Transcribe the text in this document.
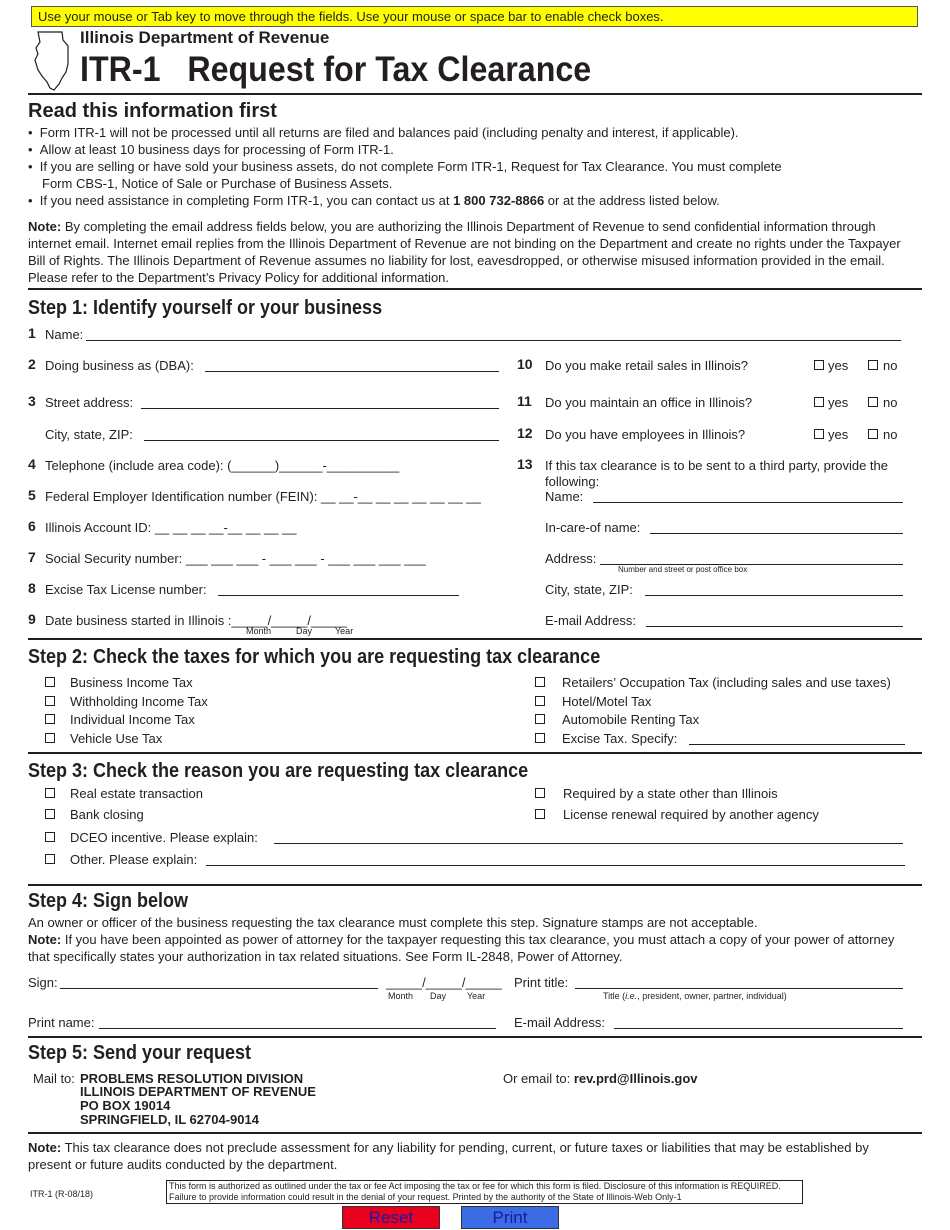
Use your mouse or Tab key to move through the fields. Use your mouse or space bar to enable check boxes.
Illinois Department of Revenue
ITR-1 Request for Tax Clearance
Read this information first
•  Form ITR-1 will not be processed until all returns are filed and balances paid (including penalty and interest, if applicable).
•  Allow at least 10 business days for processing of Form ITR-1.
•  If you are selling or have sold your business assets, do not complete Form ITR-1, Request for Tax Clearance. You must complete
Form CBS-1, Notice of Sale or Purchase of Business Assets.
•  If you need assistance in completing Form ITR-1, you can contact us at 1 800 732-8866 or at the address listed below.
Note: By completing the email address fields below, you are authorizing the Illinois Department of Revenue to send confidential information through internet email. Internet email replies from the Illinois Department of Revenue are not binding on the Department and create no rights under the Taxpayer Bill of Rights. The Illinois Department of Revenue assumes no liability for lost, eavesdropped, or otherwise misused information provided in the email. Please refer to the Department’s Privacy Policy for additional information.
Step 1: Identify yourself or your business
1 Name:
2 Doing business as (DBA):
3 Street address:
City, state, ZIP:
4 Telephone (include area code): (______)______-__________
5 Federal Employer Identification number (FEIN): __ __-__ __ __ __ __ __ __
6 Illinois Account ID: __ __ __ __-__ __ __ __
7 Social Security number: ___ ___ ___ - ___ ___ - ___ ___ ___ ___
8 Excise Tax License number:
9 Date business started in Illinois :_____/_____/_____
Month	Day	Year
10 Do you make retail sales in Illinois?	yes	no
11 Do you maintain an office in Illinois?	yes	no
12 Do you have employees in Illinois?	yes	no
13 If this tax clearance is to be sent to a third party, provide the
following:
Name:
In-care-of name:
Address:
Number and street or post office box
City, state, ZIP:
E-mail Address:
Step 2: Check the taxes for which you are requesting tax clearance
Business Income Tax
Withholding Income Tax
Individual Income Tax
Vehicle Use Tax
Retailers’ Occupation Tax (including sales and use taxes)
Hotel/Motel Tax
Automobile Renting Tax
Excise Tax. Specify:
Step 3: Check the reason you are requesting tax clearance
Real estate transaction
Bank closing
DCEO incentive. Please explain:
Other. Please explain:
Required by a state other than Illinois
License renewal required by another agency
Step 4: Sign below
An owner or officer of the business requesting the tax clearance must complete this step. Signature stamps are not acceptable.
Note: If you have been appointed as power of attorney for the taxpayer requesting this tax clearance, you must attach a copy of your power of attorney that specifically states your authorization in tax related situations. See Form IL-2848, Power of Attorney.
Sign:	_____/_____/_____
Month Day Year
Print title:
Title (i.e., president, owner, partner, individual)
Print name:	E-mail Address:
Step 5: Send your request
Mail to: PROBLEMS RESOLUTION DIVISION
ILLINOIS DEPARTMENT OF REVENUE
PO BOX 19014
SPRINGFIELD, IL 62704-9014
Or email to: rev.prd@Illinois.gov
Note: This tax clearance does not preclude assessment for any liability for pending, current, or future taxes or liabilities that may be established by present or future audits conducted by the department.
ITR-1 (R-08/18)
This form is authorized as outlined under the tax or fee Act imposing the tax or fee for which this form is filed. Disclosure of this information is REQUIRED. Failure to provide information could result in the denial of your request. Printed by the authority of the State of Illinois-Web Only-1
Reset	Print
